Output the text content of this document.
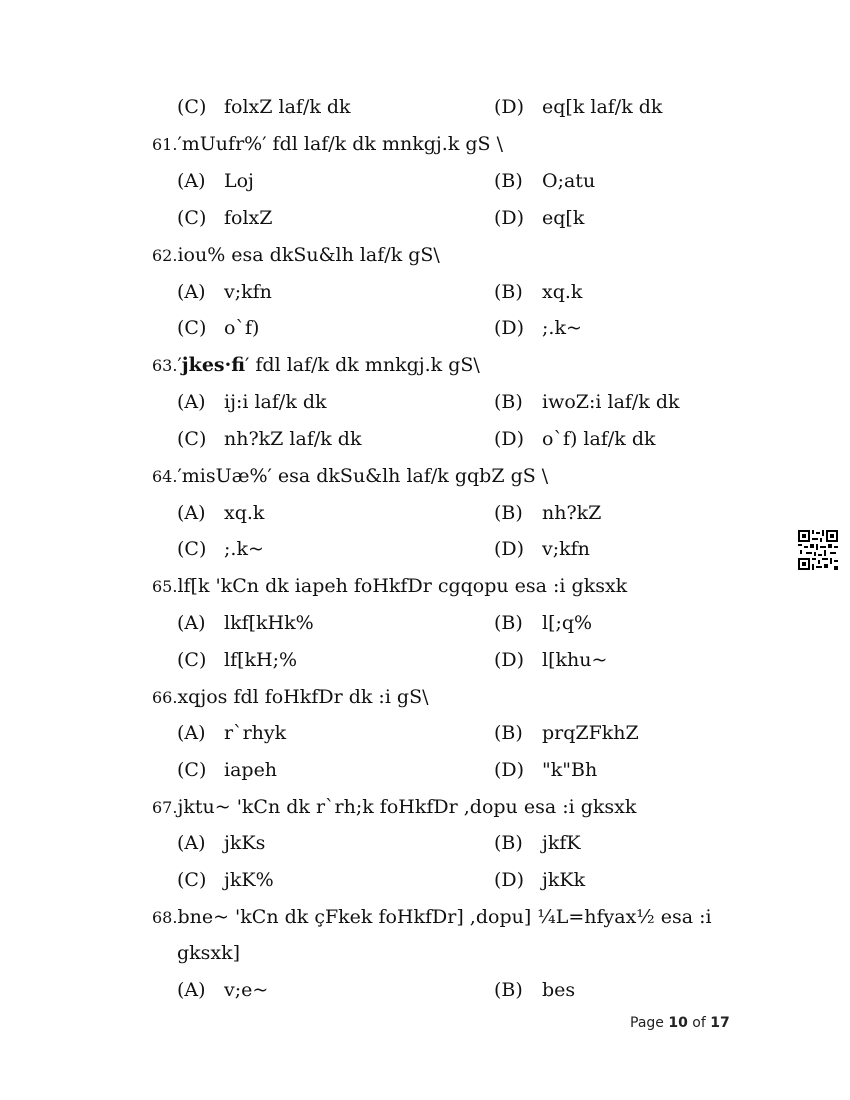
(C) folxZ laf/k dk	(D) eq[k laf/k dk
61.′mUufr%′ fdl laf/k dk mnkgj.k gS \
(A) Loj	(B)	O;atu
(C) folxZ	(D) eq[k
62.iou% esa dkSu&lh laf/k gS\
(A) v;kfn	(B)	xq.k
(C) o`f)	(D) ;.k~
63.′jkes·fi′ fdl laf/k dk mnkgj.k gS\
(A) ij:i laf/k dk	(B)	iwoZ:i laf/k dk
(C) nh?kZ laf/k dk	(D) o`f) laf/k dk
64.′misUæ%′ esa dkSu&lh laf/k gqbZ gS \
(A) xq.k	(B)	nh?kZ
(C) ;.k~	(D) v;kfn
65.lf[k 'kCn dk iapeh foHkfDr cgqopu esa :i gksxk
(A) lkf[kHk%	(B)	l[;q%
(C) lf[kH;%	(D) l[khu~
66.xqjos fdl foHkfDr dk :i gS\
(A) r`rhyk	(B)	prqZFkhZ
(C) iapeh	(D) "k"Bh
67.jktu~ 'kCn dk r`rh;k foHkfDr ,dopu esa :i gksxk
(A) jkKs	(B)	jkfK
(C) jkK%	(D) jkKk
68.bne~ 'kCn dk çFkek foHkfDr] ,dopu] ¼L=hfyax½ esa :i
gksxk]
(A) v;e~	(B)	bes
Page 10 of 17
